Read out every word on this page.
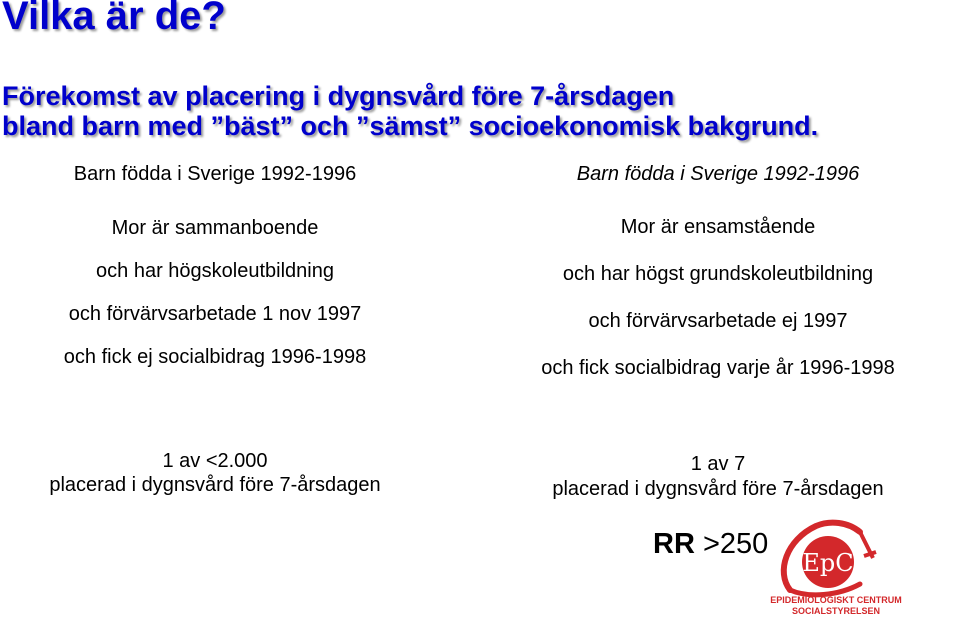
Vilka är de?
Förekomst av placering i dygnsvård före 7-årsdagen
bland barn med ”bäst” och ”sämst” socioekonomisk bakgrund.
Barn födda i Sverige 1992-1996
Mor är sammanboende
och har högskoleutbildning
och förvärvsarbetade 1 nov 1997
och fick ej socialbidrag 1996-1998
1 av <2.000
placerad i dygnsvård före 7-årsdagen
Barn födda i Sverige 1992-1996
Mor är ensamstående
och har högst grundskoleutbildning
och förvärvsarbetade ej 1997
och fick socialbidrag varje år 1996-1998
1 av 7
placerad i dygnsvård före 7-årsdagen
RR >250
EpC
EPIDEMIOLOGISKT CENTRUM
SOCIALSTYRELSEN
